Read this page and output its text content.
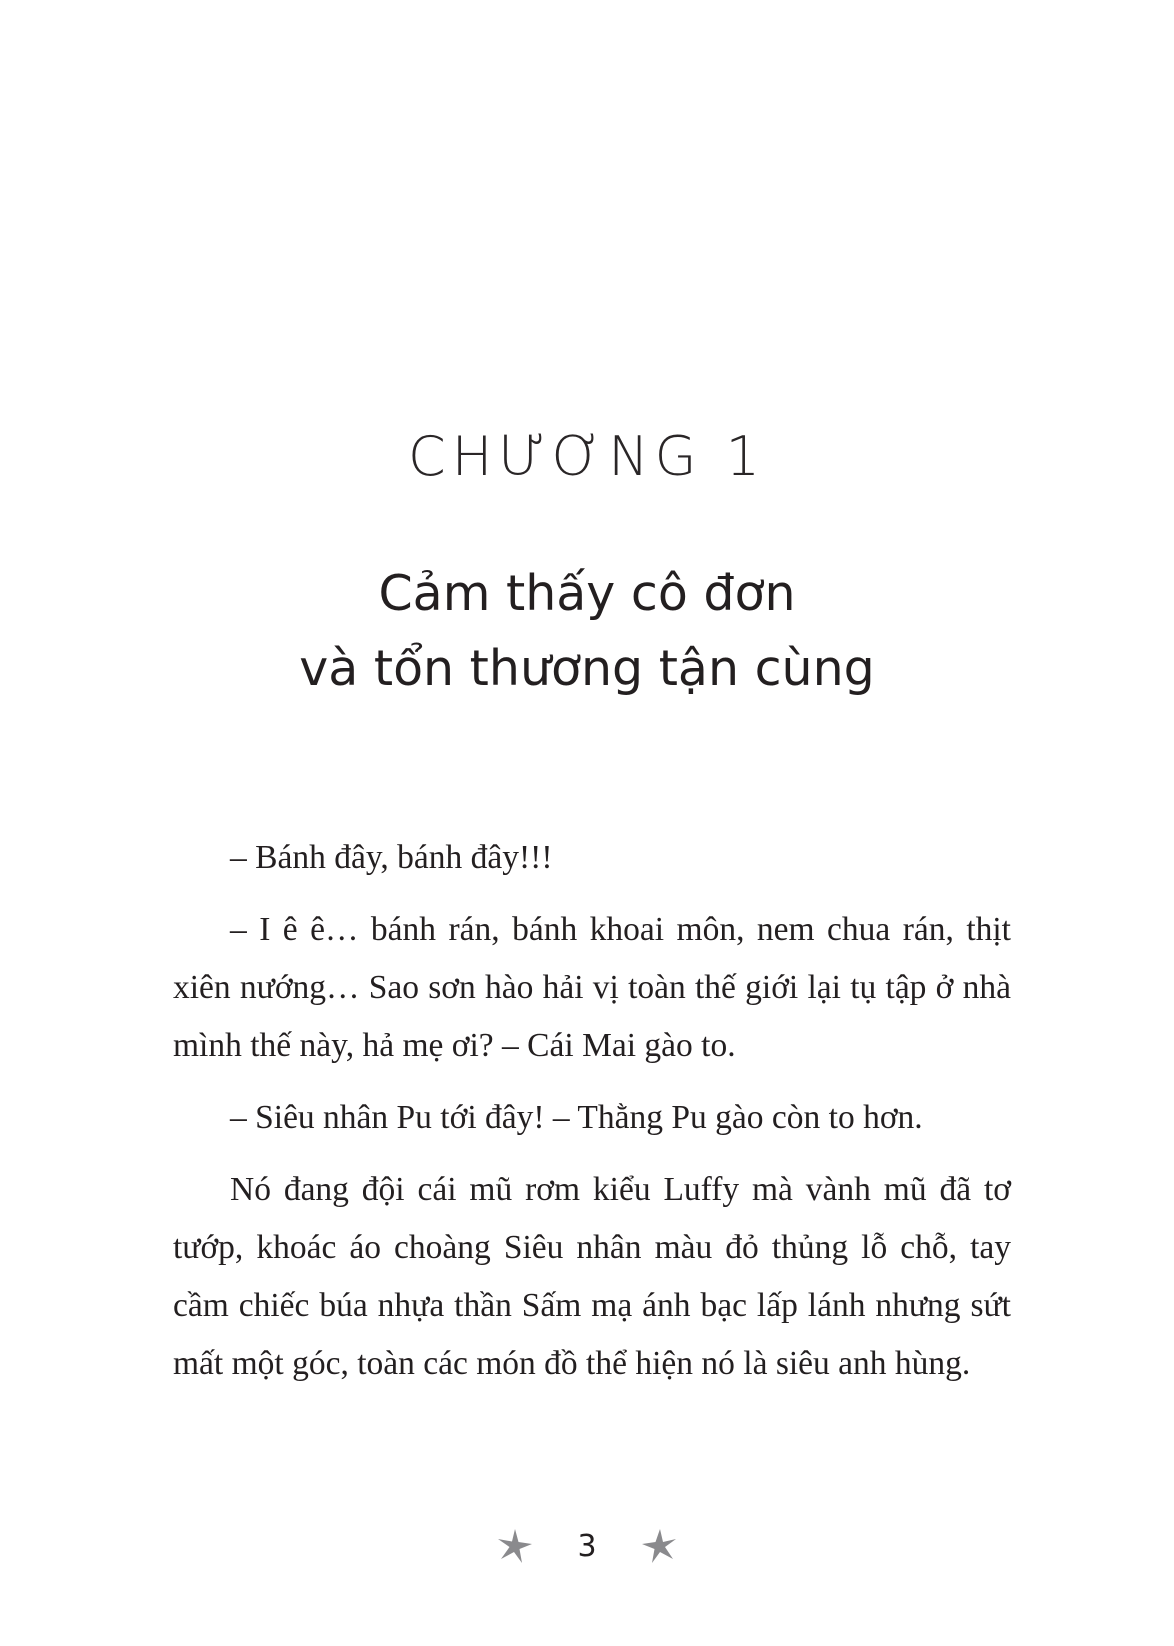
CHƯƠNG 1
Cảm thấy cô đơn
và tổn thương tận cùng

– Bánh đây, bánh đây!!!

– I ê ê… bánh rán, bánh khoai môn, nem chua rán, thịt xiên nướng… Sao sơn hào hải vị toàn thế giới lại tụ tập ở nhà mình thế này, hả mẹ ơi? – Cái Mai gào to.

– Siêu nhân Pu tới đây! – Thằng Pu gào còn to hơn.

Nó đang đội cái mũ rơm kiểu Luffy mà vành mũ đã tơ tướp, khoác áo choàng Siêu nhân màu đỏ thủng lỗ chỗ, tay cầm chiếc búa nhựa thần Sấm mạ ánh bạc lấp lánh nhưng sứt mất một góc, toàn các món đồ thể hiện nó là siêu anh hùng.

3
